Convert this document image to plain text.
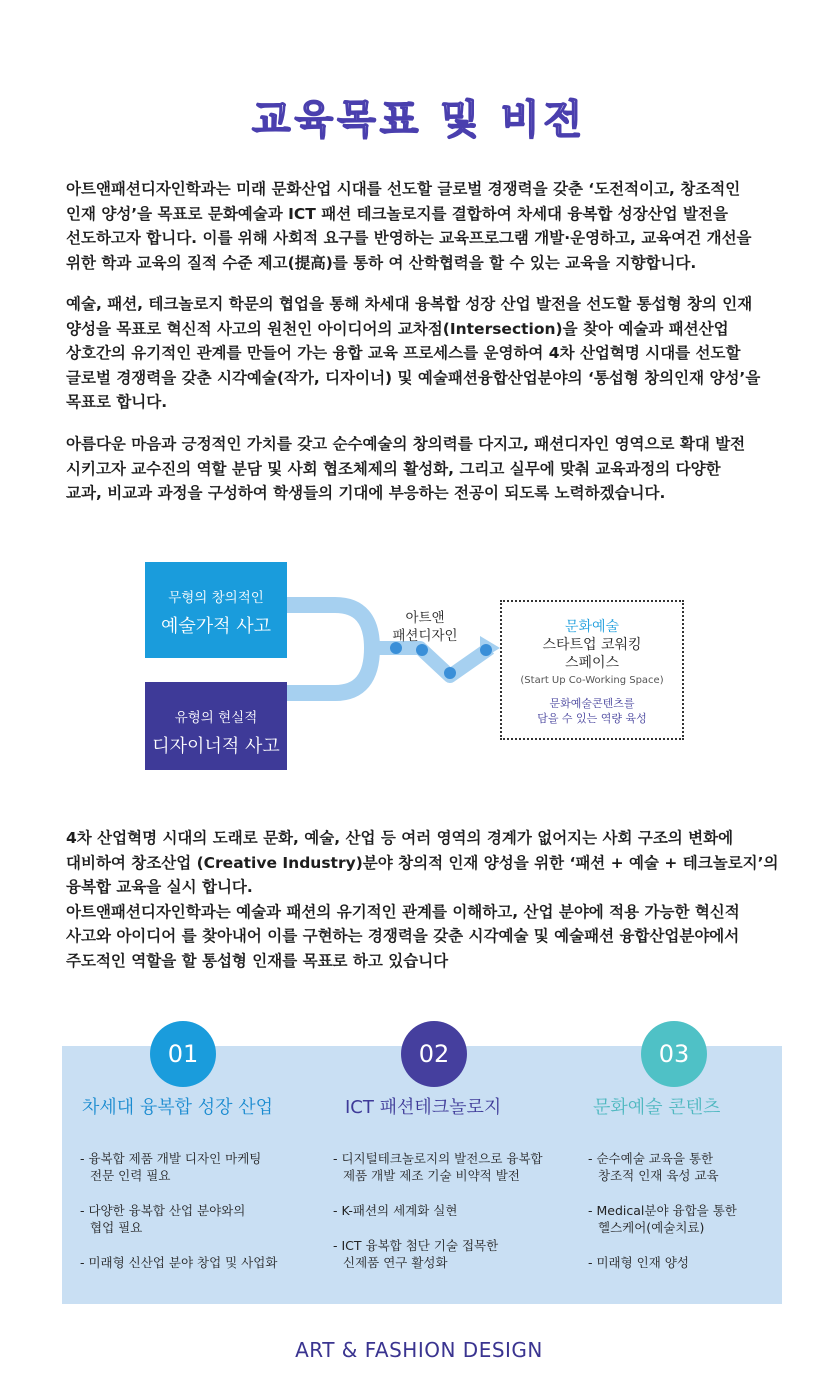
교육목표 및 비전
아트앤패션디자인학과는 미래 문화산업 시대를 선도할 글로벌 경쟁력을 갖춘 ‘도전적이고, 창조적인
인재 양성’을 목표로 문화예술과 ICT 패션 테크놀로지를 결합하여 차세대 융복합 성장산업 발전을
선도하고자 합니다. 이를 위해 사회적 요구를 반영하는 교육프로그램 개발·운영하고, 교육여건 개선을
위한 학과 교육의 질적 수준 제고(提高)를 통하 여 산학협력을 할 수 있는 교육을 지향합니다.
예술, 패션, 테크놀로지 학문의 협업을 통해 차세대 융복합 성장 산업 발전을 선도할 통섭형 창의 인재
양성을 목표로 혁신적 사고의 원천인 아이디어의 교차점(Intersection)을 찾아 예술과 패션산업
상호간의 유기적인 관계를 만들어 가는 융합 교육 프로세스를 운영하여 4차 산업혁명 시대를 선도할
글로벌 경쟁력을 갖춘 시각예술(작가, 디자이너) 및 예술패션융합산업분야의 ‘통섭형 창의인재 양성’을
목표로 합니다.
아름다운 마음과 긍정적인 가치를 갖고 순수예술의 창의력를 다지고, 패션디자인 영역으로 확대 발전
시키고자 교수진의 역할 분담 및 사회 협조체제의 활성화, 그리고 실무에 맞춰 교육과정의 다양한
교과, 비교과 과정을 구성하여 학생들의 기대에 부응하는 전공이 되도록 노력하겠습니다.
무형의 창의적인
예술가적 사고
유형의 현실적
디자이너적 사고
아트앤
패션디자인
문화예술
스타트업 코워킹
스페이스
(Start Up Co-Working Space)
문화예술콘텐츠를
담을 수 있는 역량 육성
4차 산업혁명 시대의 도래로 문화, 예술, 산업 등 여러 영역의 경계가 없어지는 사회 구조의 변화에
대비하여 창조산업 (Creative Industry)분야 창의적 인재 양성을 위한 ‘패션 + 예술 + 테크놀로지’의
융복합 교육을 실시 합니다.
아트앤패션디자인학과는 예술과 패션의 유기적인 관계를 이해하고, 산업 분야에 적용 가능한 혁신적
사고와 아이디어 를 찾아내어 이를 구현하는 경쟁력을 갖춘 시각예술 및 예술패션 융합산업분야에서
주도적인 역할을 할 통섭형 인재를 목표로 하고 있습니다
01	02	03
차세대 융복합 성장 산업	ICT 패션테크놀로지	문화예술 콘텐츠
- 융복합 제품 개발 디자인 마케팅
전문 인력 필요
- 다양한 융복합 산업 분야와의
협업 필요
- 미래형 신산업 분야 창업 및 사업화
- 디지털테크놀로지의 발전으로 융복합
제품 개발 제조 기술 비약적 발전
- K-패션의 세계화 실현
- ICT 융복합 첨단 기술 접목한
신제품 연구 활성화
- 순수예술 교육을 통한
창조적 인재 육성 교육
- Medical분야 융합을 통한
헬스케어(예술치료)
- 미래형 인재 양성
ART & FASHION DESIGN
